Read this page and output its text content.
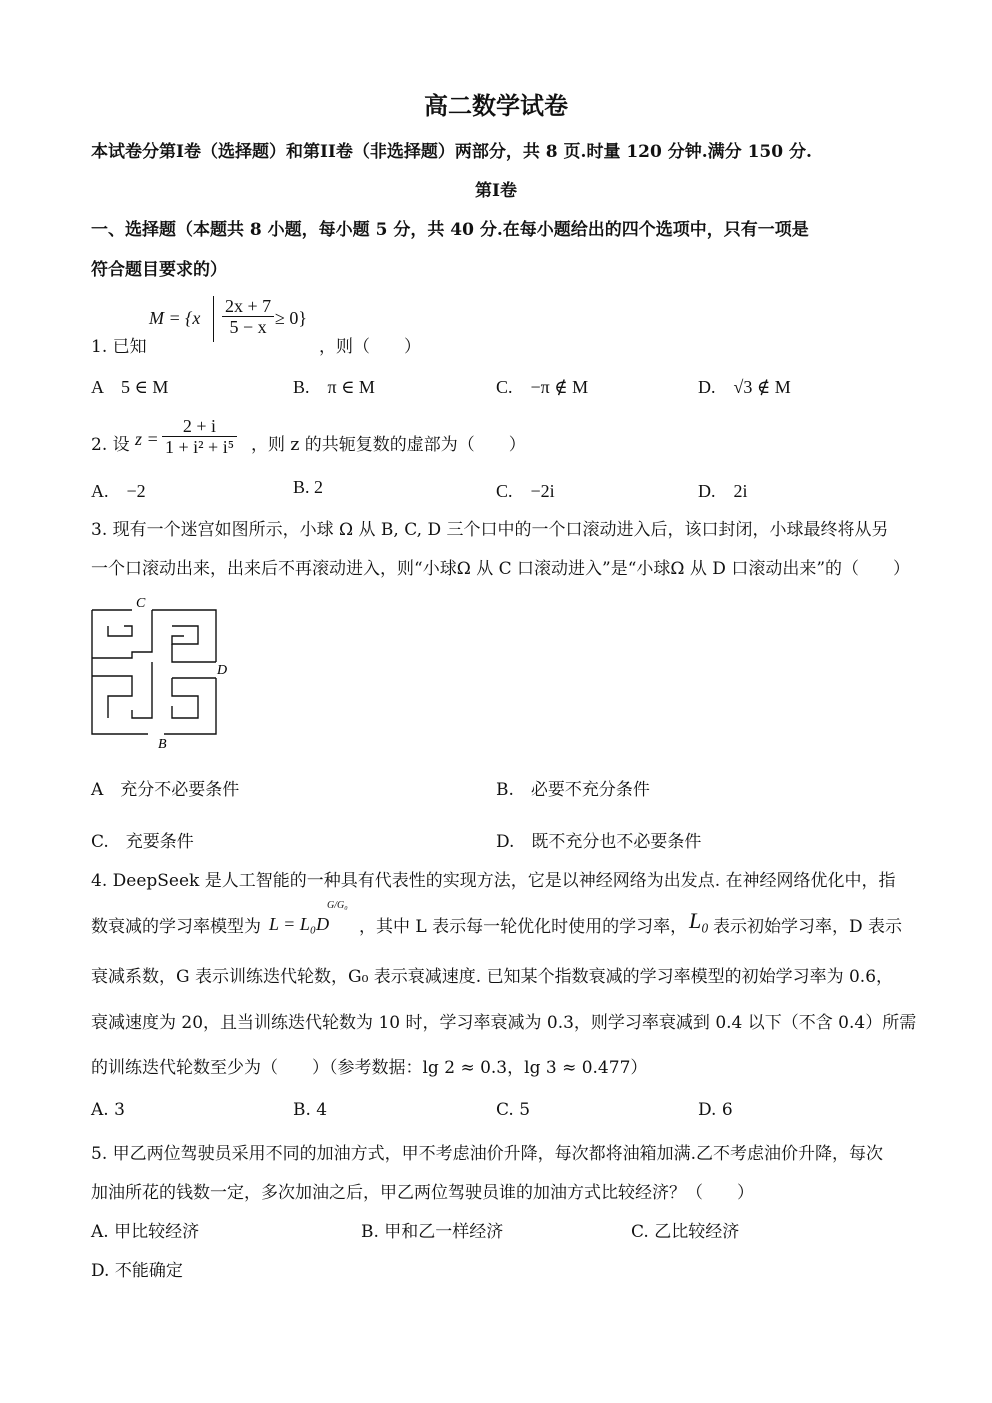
高二数学试卷
本试卷分第I卷（选择题）和第II卷（非选择题）两部分，共 8 页.时量 120 分钟.满分 150 分.
第I卷
一、选择题（本题共 8 小题，每小题 5 分，共 40 分.在每小题给出的四个选项中，只有一项是
符合题目要求的）
1. 已知
$M = \{x \frac{2x + 7}{5 - x} \ge 0\}$
，则（　　）
A　5 ∈ M	B.　π ∈ M	C.　−π ∉ M	D.　√3 ∉ M
2. 设 $z = \frac{2 + i}{\text{1 + i² + i⁵}}$ ，则 z 的共轭复数的虚部为（　　）
A.　−2	B. 2	C.　−2i	D.　2i
3. 现有一个迷宫如图所示，小球 Ω 从 B, C, D 三个口中的一个口滚动进入后，该口封闭，小球最终将从另
一个口滚动出来，出来后不再滚动进入，则“小球Ω 从 C 口滚动进入”是“小球Ω 从 D 口滚动出来”的（　　）
C
D
B
A　充分不必要条件	B.　必要不充分条件
C.　充要条件	D.　既不充分也不必要条件
4. DeepSeek 是人工智能的一种具有代表性的实现方法，它是以神经网络为出发点. 在神经网络优化中，指
数衰减的学习率模型为 L = L₀D
G/G₀
，其中 L 表示每一轮优化时使用的学习率， L₀ 表示初始学习率，D 表示
衰减系数，G 表示训练迭代轮数，G₀ 表示衰减速度. 已知某个指数衰减的学习率模型的初始学习率为 0.6，
衰减速度为 20，且当训练迭代轮数为 10 时，学习率衰减为 0.3，则学习率衰减到 0.4 以下（不含 0.4）所需
的训练迭代轮数至少为（　　）（参考数据：lg 2 ≈ 0.3，lg 3 ≈ 0.477）
A. 3	B. 4	C. 5	D. 6
5. 甲乙两位驾驶员采用不同的加油方式，甲不考虑油价升降，每次都将油箱加满.乙不考虑油价升降，每次
加油所花的钱数一定，多次加油之后，甲乙两位驾驶员谁的加油方式比较经济？（　　）
A. 甲比较经济	B. 甲和乙一样经济	C. 乙比较经济
D. 不能确定
